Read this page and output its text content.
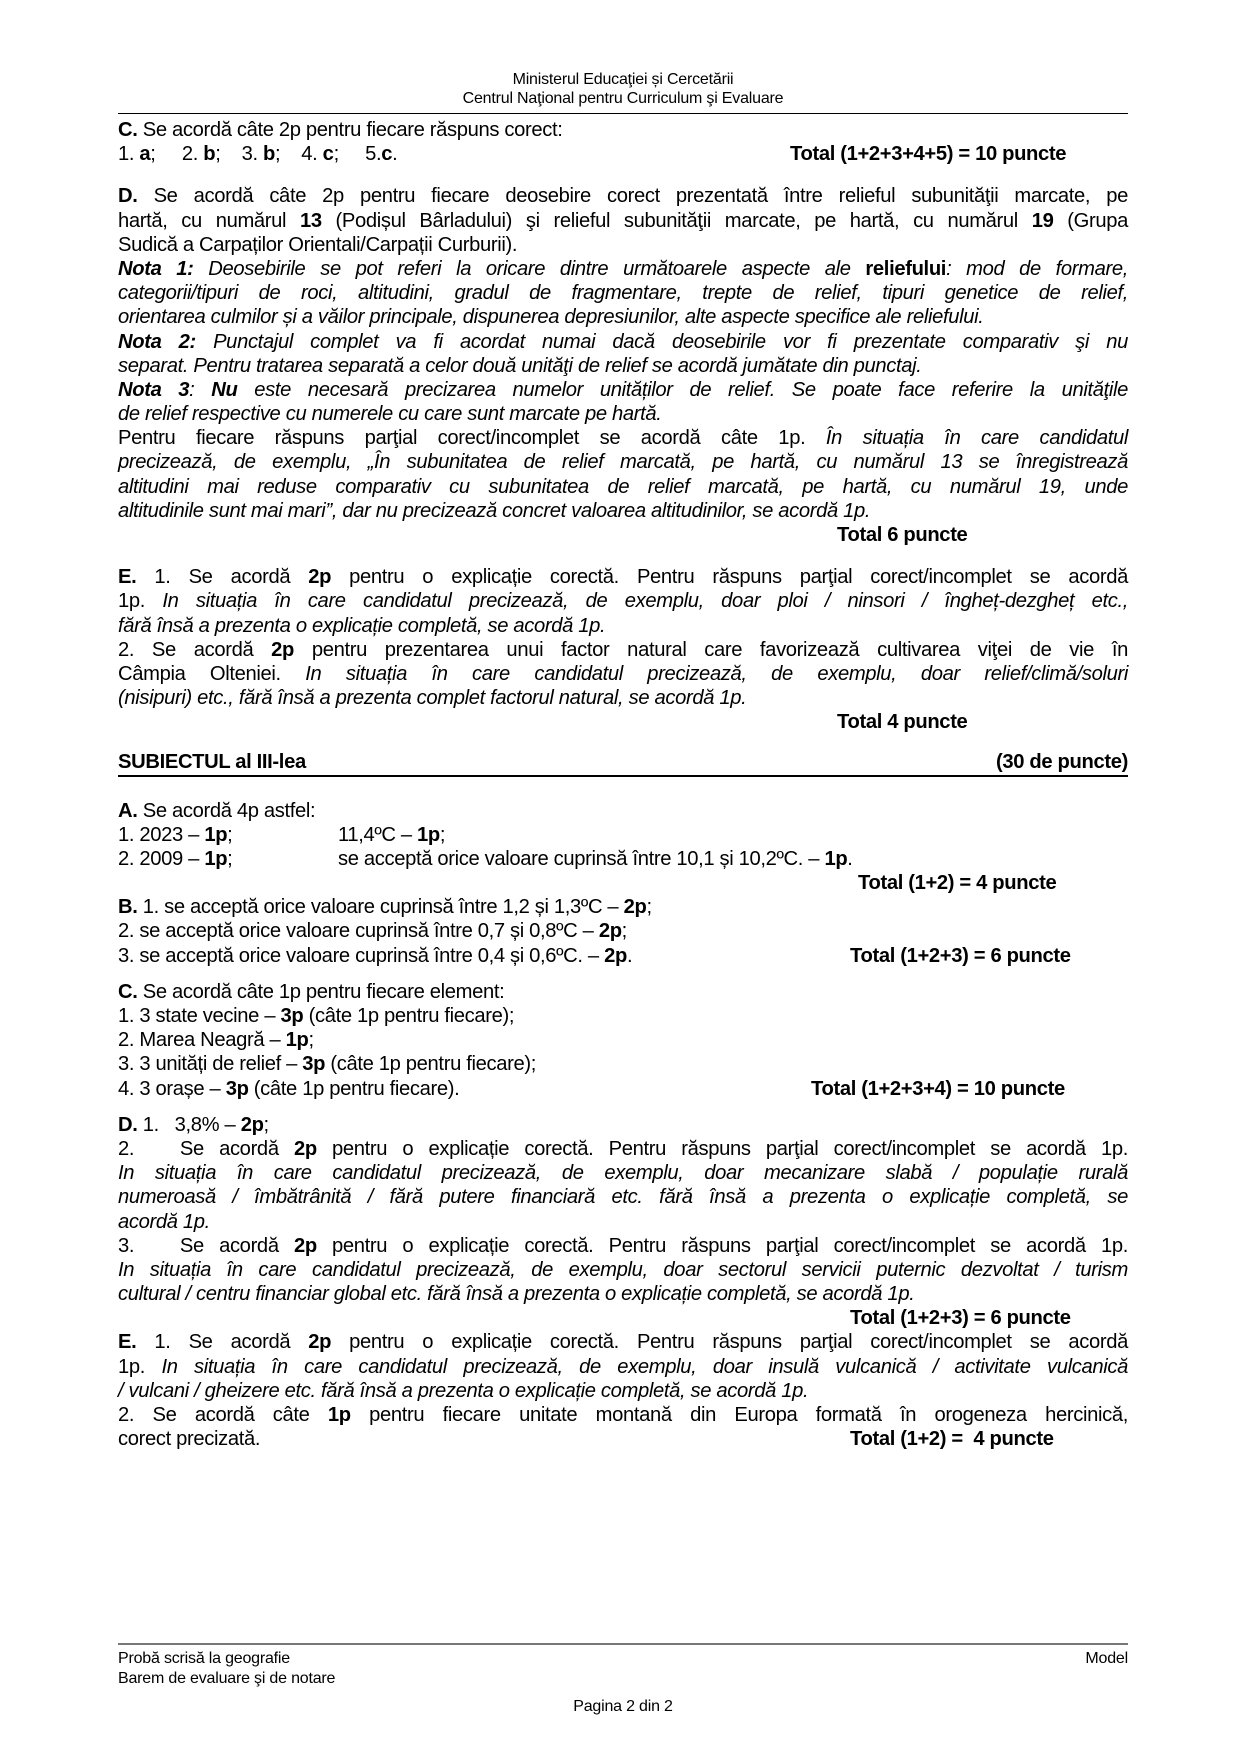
Ministerul Educaţiei și Cercetării
Centrul Naţional pentru Curriculum şi Evaluare
C. Se acordă câte 2p pentru fiecare răspuns corect:
1. a; 2. b; 3. b; 4. c; 5.c.	Total (1+2+3+4+5) = 10 puncte
D. Se acordă câte 2p pentru fiecare deosebire corect prezentată între relieful subunităţii marcate, pe
hartă, cu numărul 13 (Podișul Bârladului) şi relieful subunităţii marcate, pe hartă, cu numărul 19 (Grupa
Sudică a Carpaților Orientali/Carpații Curburii).
Nota 1: Deosebirile se pot referi la oricare dintre următoarele aspecte ale reliefului: mod de formare,
categorii/tipuri de roci, altitudini, gradul de fragmentare, trepte de relief, tipuri genetice de relief,
orientarea culmilor și a văilor principale, dispunerea depresiunilor, alte aspecte specifice ale reliefului.
Nota 2: Punctajul complet va fi acordat numai dacă deosebirile vor fi prezentate comparativ şi nu
separat. Pentru tratarea separată a celor două unităţi de relief se acordă jumătate din punctaj.
Nota 3: Nu este necesară precizarea numelor unităților de relief. Se poate face referire la unităţile
de relief respective cu numerele cu care sunt marcate pe hartă.
Pentru fiecare răspuns parţial corect/incomplet se acordă câte 1p. În situația în care candidatul
precizează, de exemplu, „În subunitatea de relief marcată, pe hartă, cu numărul 13 se înregistrează
altitudini mai reduse comparativ cu subunitatea de relief marcată, pe hartă, cu numărul 19, unde
altitudinile sunt mai mari”, dar nu precizează concret valoarea altitudinilor, se acordă 1p.
Total 6 puncte
E. 1. Se acordă 2p pentru o explicație corectă. Pentru răspuns parţial corect/incomplet se acordă
1p. In situația în care candidatul precizează, de exemplu, doar ploi / ninsori / îngheț-dezgheț etc.,
fără însă a prezenta o explicație completă, se acordă 1p.
2. Se acordă 2p pentru prezentarea unui factor natural care favorizează cultivarea viţei de vie în
Câmpia Olteniei. In situația în care candidatul precizează, de exemplu, doar relief/climă/soluri
(nisipuri) etc., fără însă a prezenta complet factorul natural, se acordă 1p.
Total 4 puncte
SUBIECTUL al III-lea	(30 de puncte)
A. Se acordă 4p astfel:
1. 2023 – 1p;	11,4ºC – 1p;
2. 2009 – 1p;	se acceptă orice valoare cuprinsă între 10,1 și 10,2ºC. – 1p.
Total (1+2) = 4 puncte
B. 1. se acceptă orice valoare cuprinsă între 1,2 și 1,3ºC – 2p;
2. se acceptă orice valoare cuprinsă între 0,7 și 0,8ºC – 2p;
3. se acceptă orice valoare cuprinsă între 0,4 și 0,6ºC. – 2p.	Total (1+2+3) = 6 puncte
C. Se acordă câte 1p pentru fiecare element:
1. 3 state vecine – 3p (câte 1p pentru fiecare);
2. Marea Neagră – 1p;
3. 3 unități de relief – 3p (câte 1p pentru fiecare);
4. 3 orașe – 3p (câte 1p pentru fiecare).	Total (1+2+3+4) = 10 puncte
D. 1.   3,8% – 2p;
2.   Se acordă 2p pentru o explicație corectă. Pentru răspuns parţial corect/incomplet se acordă 1p.
In situația în care candidatul precizează, de exemplu, doar mecanizare slabă / populație rurală
numeroasă / îmbătrânită / fără putere financiară etc. fără însă a prezenta o explicație completă, se
acordă 1p.
3.   Se acordă 2p pentru o explicație corectă. Pentru răspuns parţial corect/incomplet se acordă 1p.
In situația în care candidatul precizează, de exemplu, doar sectorul servicii puternic dezvoltat / turism
cultural / centru financiar global etc. fără însă a prezenta o explicație completă, se acordă 1p.
Total (1+2+3) = 6 puncte
E. 1. Se acordă 2p pentru o explicație corectă. Pentru răspuns parţial corect/incomplet se acordă
1p. In situația în care candidatul precizează, de exemplu, doar insulă vulcanică / activitate vulcanică
/ vulcani / gheizere etc. fără însă a prezenta o explicație completă, se acordă 1p.
2. Se acordă câte 1p pentru fiecare unitate montană din Europa formată în orogeneza hercinică,
corect precizată.	Total (1+2) =  4 puncte
Probă scrisă la geografie
Barem de evaluare şi de notare
Model
Pagina 2 din 2
